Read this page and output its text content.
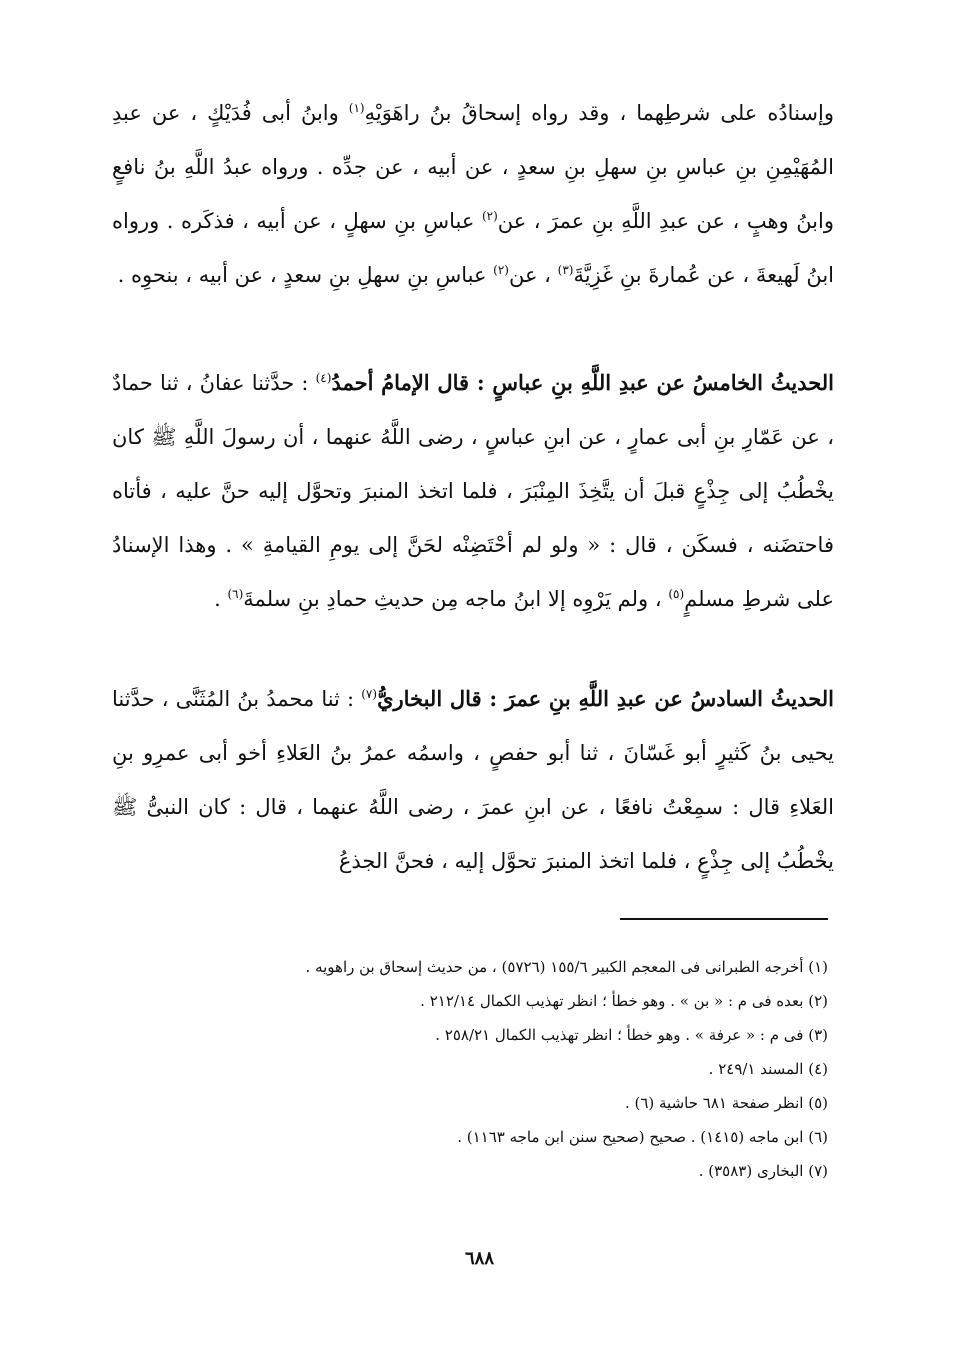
وإسنادُه على شرطِهما ، وقد رواه إسحاقُ بنُ راهَوَيْهِ$^{(١)}$ وابنُ أبى فُدَيْكٍ ، عن عبدِ المُهَيْمِنِ بنِ عباسِ بنِ سهلِ بنِ سعدٍ ، عن أبيه ، عن جدِّه . ورواه عبدُ اللَّهِ بنُ نافعٍ وابنُ وهبٍ ، عن عبدِ اللَّهِ بنِ عمرَ ، عن$^{(٢)}$ عباسِ بنِ سهلٍ ، عن أبيه ، فذكَره . ورواه ابنُ لَهيعةَ ، عن عُمارةَ بنِ غَزِيَّةَ$^{(٣)}$ ، عن$^{(٢)}$ عباسِ بنِ سهلِ بنِ سعدٍ ، عن أبيه ، بنحوِه .

الحديثُ الخامسُ عن عبدِ اللَّهِ بنِ عباسٍ : قال الإمامُ أحمدُ$^{(٤)}$ : حدَّثنا عفانُ ، ثنا حمادٌ ، عن عَمّارِ بنِ أبى عمارٍ ، عن ابنِ عباسٍ ، رضى اللَّهُ عنهما ، أن رسولَ اللَّهِ ﷺ كان يخْطُبُ إلى جِذْعٍ قبلَ أن يتَّخِذَ المِنْبَرَ ، فلما اتخذ المنبرَ وتحوَّل إليه حنَّ عليه ، فأتاه فاحتضَنه ، فسكَن ، قال : « ولو لم أحْتَضِنْه لحَنَّ إلى يومِ القيامةِ » . وهذا الإسنادُ على شرطِ مسلمٍ$^{(٥)}$ ، ولم يَرْوِه إلا ابنُ ماجه مِن حديثِ حمادِ بنِ سلمةَ$^{(٦)}$ .

الحديثُ السادسُ عن عبدِ اللَّهِ بنِ عمرَ : قال البخاريُّ$^{(٧)}$ : ثنا محمدُ بنُ المُثَنَّى ، حدَّثنا يحيى بنُ كَثيرٍ أبو غَسّانَ ، ثنا أبو حفصٍ ، واسمُه عمرُ بنُ العَلاءِ أخو أبى عمرِو بنِ العَلاءِ قال : سمِعْتُ نافعًا ، عن ابنِ عمرَ ، رضى اللَّهُ عنهما ، قال : كان النبىُّ ﷺ يخْطُبُ إلى جِذْعٍ ، فلما اتخذ المنبرَ تحوَّل إليه ، فحنَّ الجذعُ

(١) أخرجه الطبرانى فى المعجم الكبير ١٥٥/٦ (٥٧٢٦) ، من حديث إسحاق بن راهويه .
(٢) بعده فى م : « بن » . وهو خطأ ؛ انظر تهذيب الكمال ٢١٢/١٤ .
(٣) فى م : « عرفة » . وهو خطأ ؛ انظر تهذيب الكمال ٢٥٨/٢١ .
(٤) المسند ٢٤٩/١ .
(٥) انظر صفحة ٦٨١ حاشية (٦) .
(٦) ابن ماجه (١٤١٥) . صحيح (صحيح سنن ابن ماجه ١١٦٣) .
(٧) البخارى (٣٥٨٣) .
٦٨٨
